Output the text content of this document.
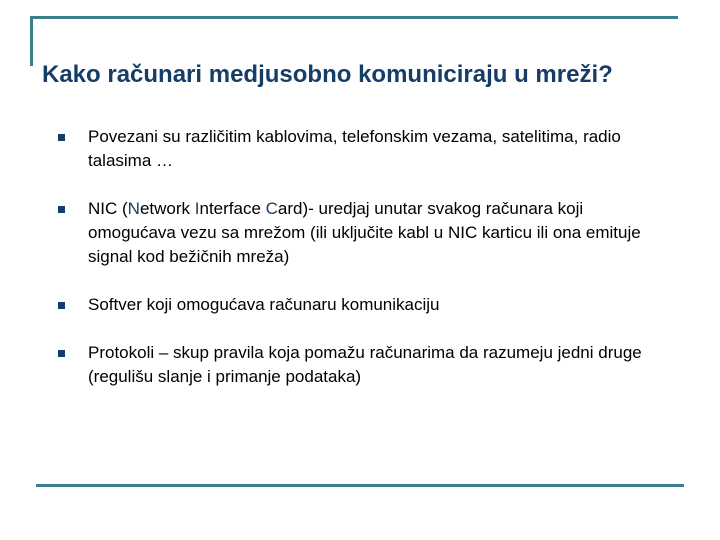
Kako računari medjusobno komuniciraju u mreži?
Povezani su različitim kablovima, telefonskim vezama, satelitima, radio talasima …
NIC (Network Interface Card)- uredjaj unutar svakog računara koji omogućava vezu sa mrežom (ili uključite kabl u NIC karticu ili ona emituje signal kod bežičnih mreža)
Softver koji omogućava računaru komunikaciju
Protokoli – skup pravila koja pomažu računarima da razumeju jedni druge (regulišu slanje i primanje podataka)
